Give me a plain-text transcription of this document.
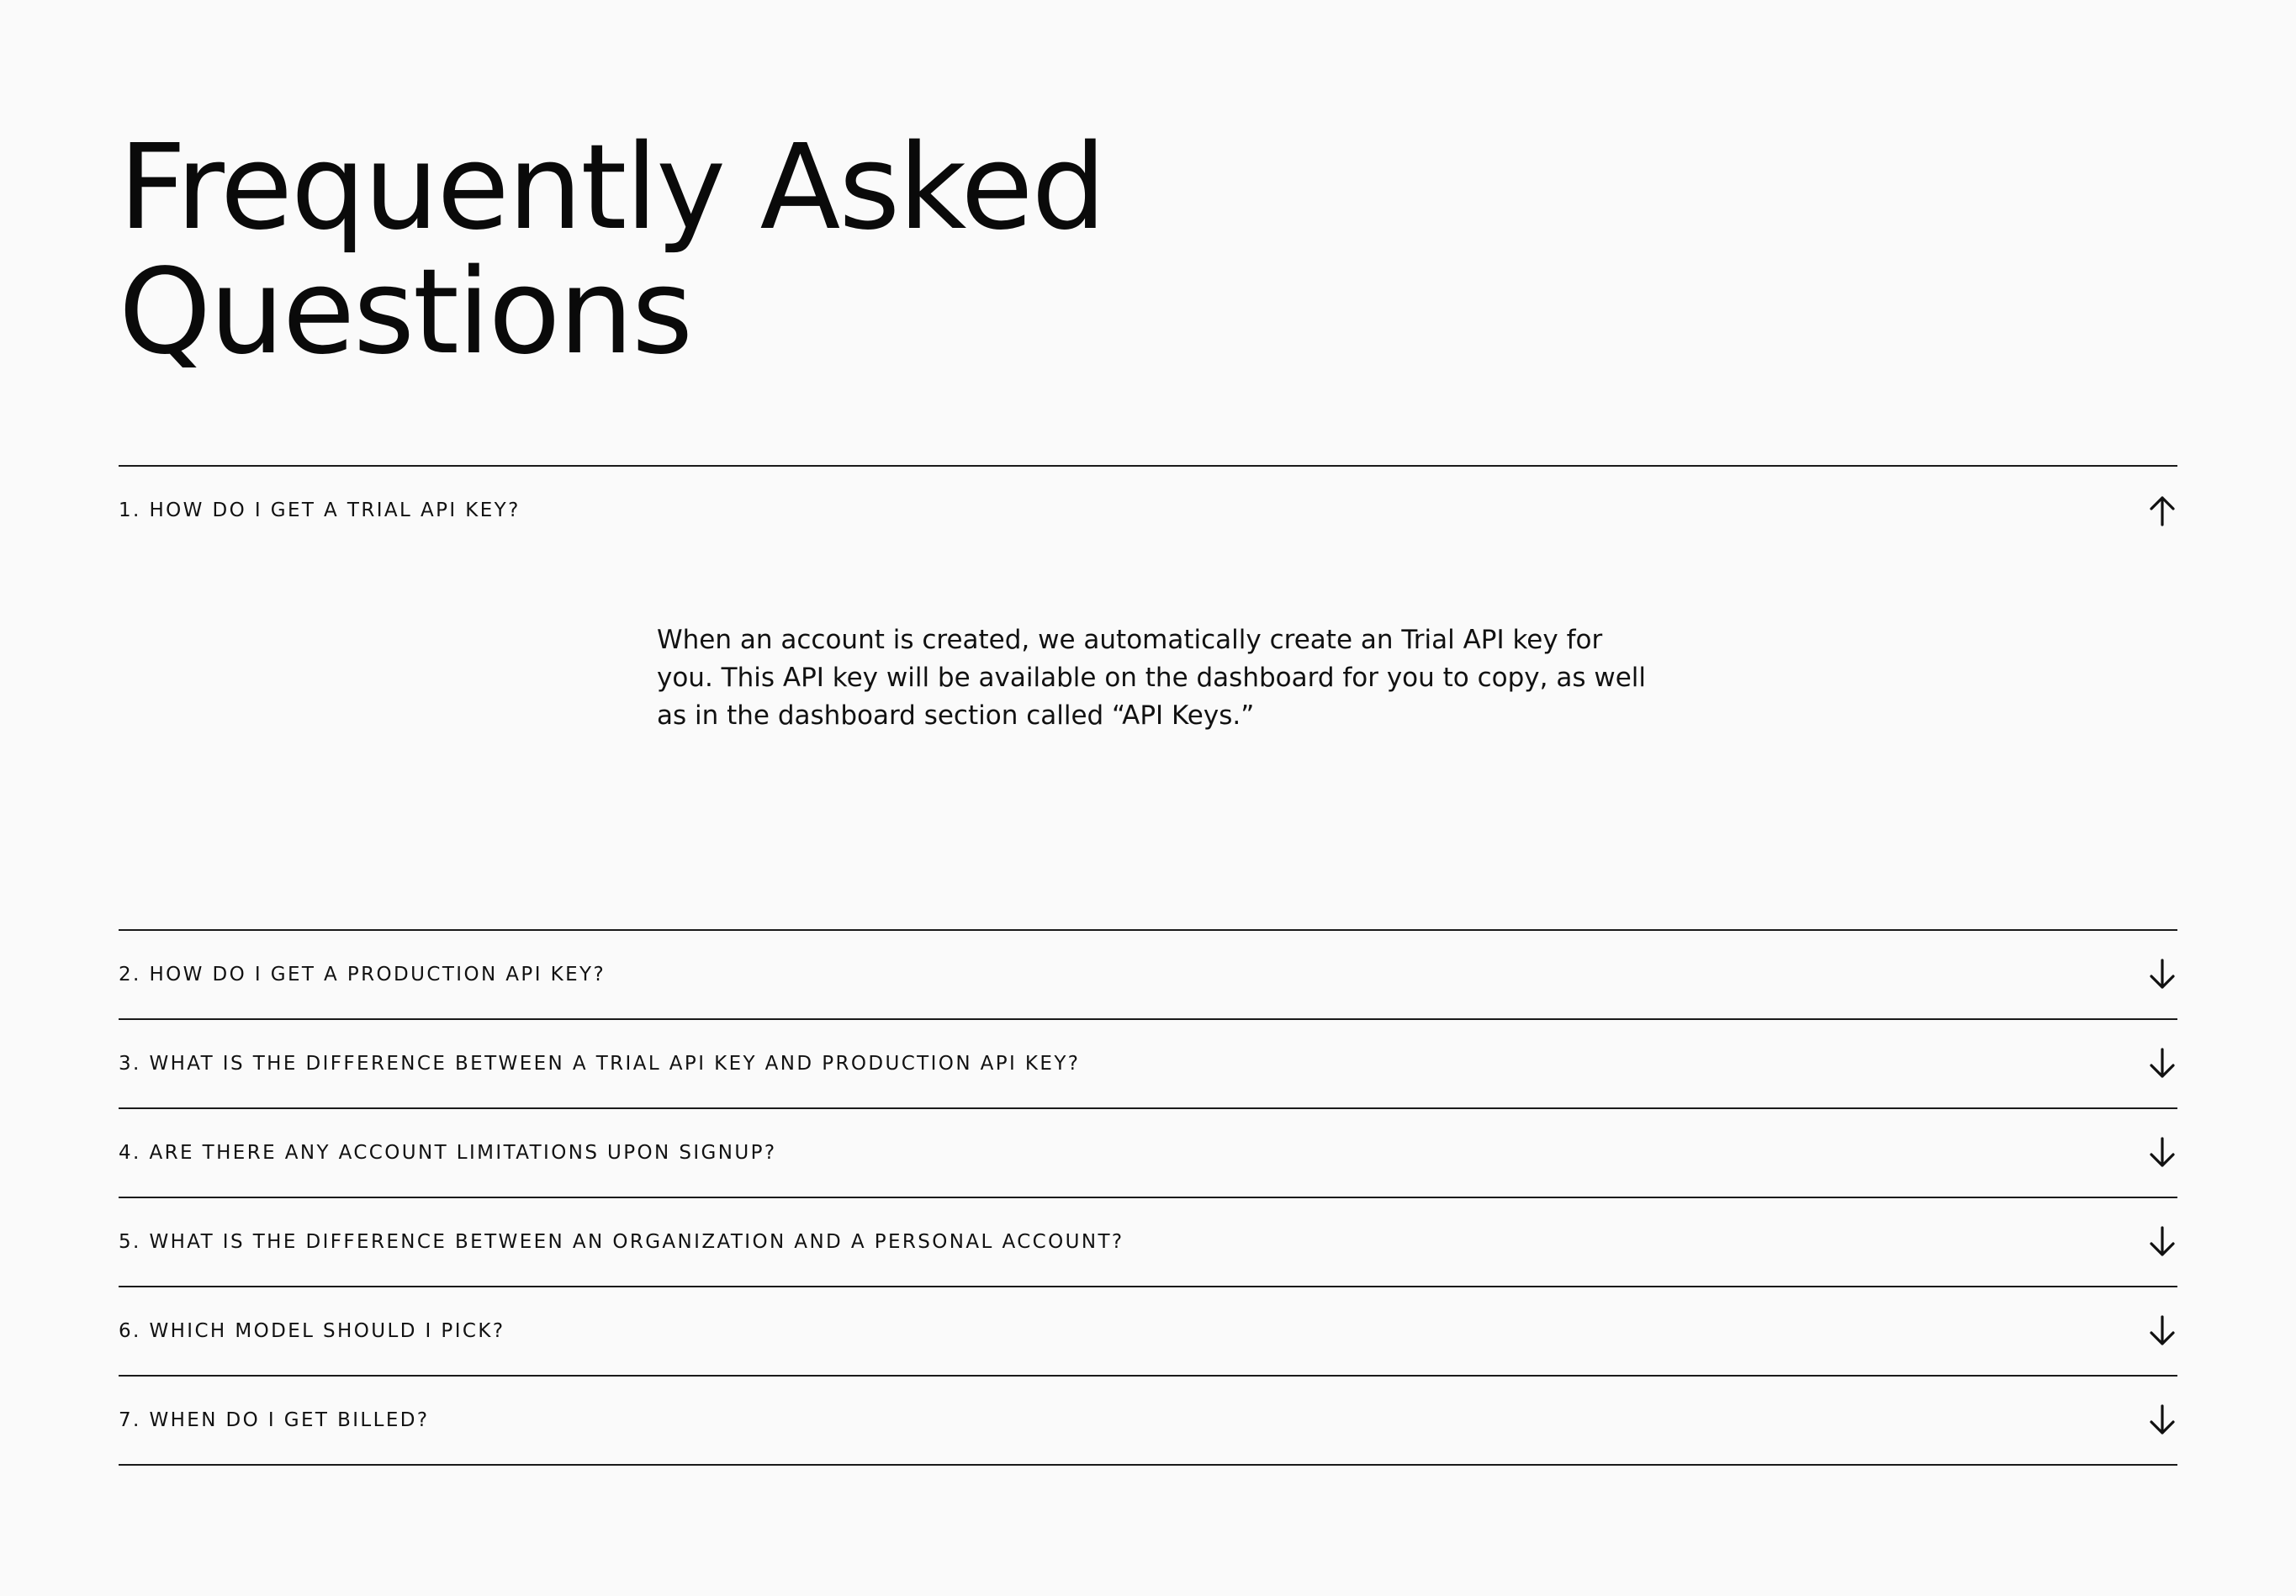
Frequently Asked
Questions
1. HOW DO I GET A TRIAL API KEY?

When an account is created, we automatically create an Trial API key for you. This API key will be available on the dashboard for you to copy, as well as in the dashboard section called “API Keys.”

2. HOW DO I GET A PRODUCTION API KEY?
3. WHAT IS THE DIFFERENCE BETWEEN A TRIAL API KEY AND PRODUCTION API KEY?
4. ARE THERE ANY ACCOUNT LIMITATIONS UPON SIGNUP?
5. WHAT IS THE DIFFERENCE BETWEEN AN ORGANIZATION AND A PERSONAL ACCOUNT?
6. WHICH MODEL SHOULD I PICK?
7. WHEN DO I GET BILLED?
